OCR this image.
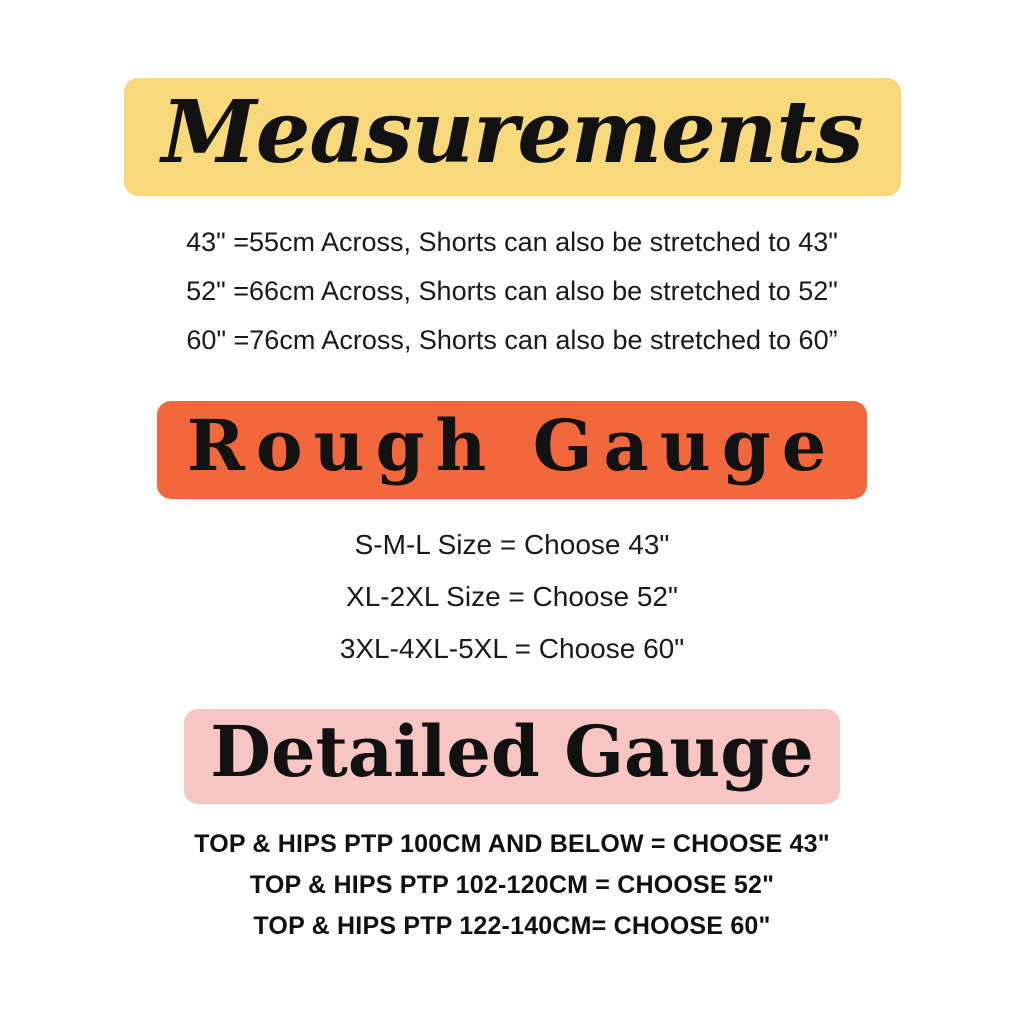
Measurements
43" =55cm Across, Shorts can also be stretched to 43"
52" =66cm Across, Shorts can also be stretched to 52"
60" =76cm Across, Shorts can also be stretched to 60”
Rough Gauge
S-M-L Size = Choose 43"
XL-2XL Size = Choose 52"
3XL-4XL-5XL = Choose 60"
Detailed Gauge
TOP & HIPS PTP 100CM AND BELOW = CHOOSE 43"
TOP & HIPS PTP 102-120CM = CHOOSE 52"
TOP & HIPS PTP 122-140CM= CHOOSE 60"
